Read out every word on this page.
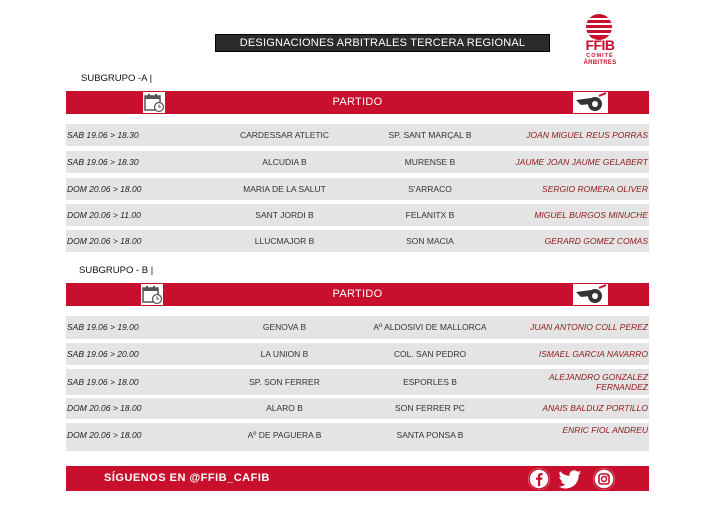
DESIGNACIONES ARBITRALES TERCERA REGIONAL	FFIB
COMITÉ
ÀRBITRES
SUBGRUPO -A |
PARTIDO
SAB 19.06 > 18.30	CARDESSAR ATLETIC	SP. SANT MARÇAL B	JOAN MIGUEL REUS PORRAS
SAB 19.06 > 18.30	ALCUDIA B	MURENSE B	JAUME JOAN JAUME GELABERT
DOM 20.06 > 18.00	MARIA DE LA SALUT	S'ARRACO	SERGIO ROMERA OLIVER
DOM 20.06 > 11.00	SANT JORDI B	FELANITX B	MIGUEL BURGOS MINUCHE
DOM 20.06 > 18.00	LLUCMAJOR B	SON MACIA	GERARD GOMEZ COMAS
SUBGRUPO - B |
PARTIDO
SAB 19.06 > 19.00	GENOVA B	Aº ALDOSIVI DE MALLORCA	JUAN ANTONIO COLL PEREZ
SAB 19.06 > 20.00	LA UNION B	COL. SAN PEDRO	ISMAEL GARCIA NAVARRO
SAB 19.06 > 18.00	SP. SON FERRER	ESPORLES B	ALEJANDRO GONZALEZ
FERNANDEZ
DOM 20.06 > 18.00	ALARO B	SON FERRER PC	ANAIS BALDUZ PORTILLO
DOM 20.06 > 18.00	Aº DE PAGUERA B	SANTA PONSA B	ENRIC FIOL ANDREU
SÍGUENOS EN @FFIB_CAFIB
